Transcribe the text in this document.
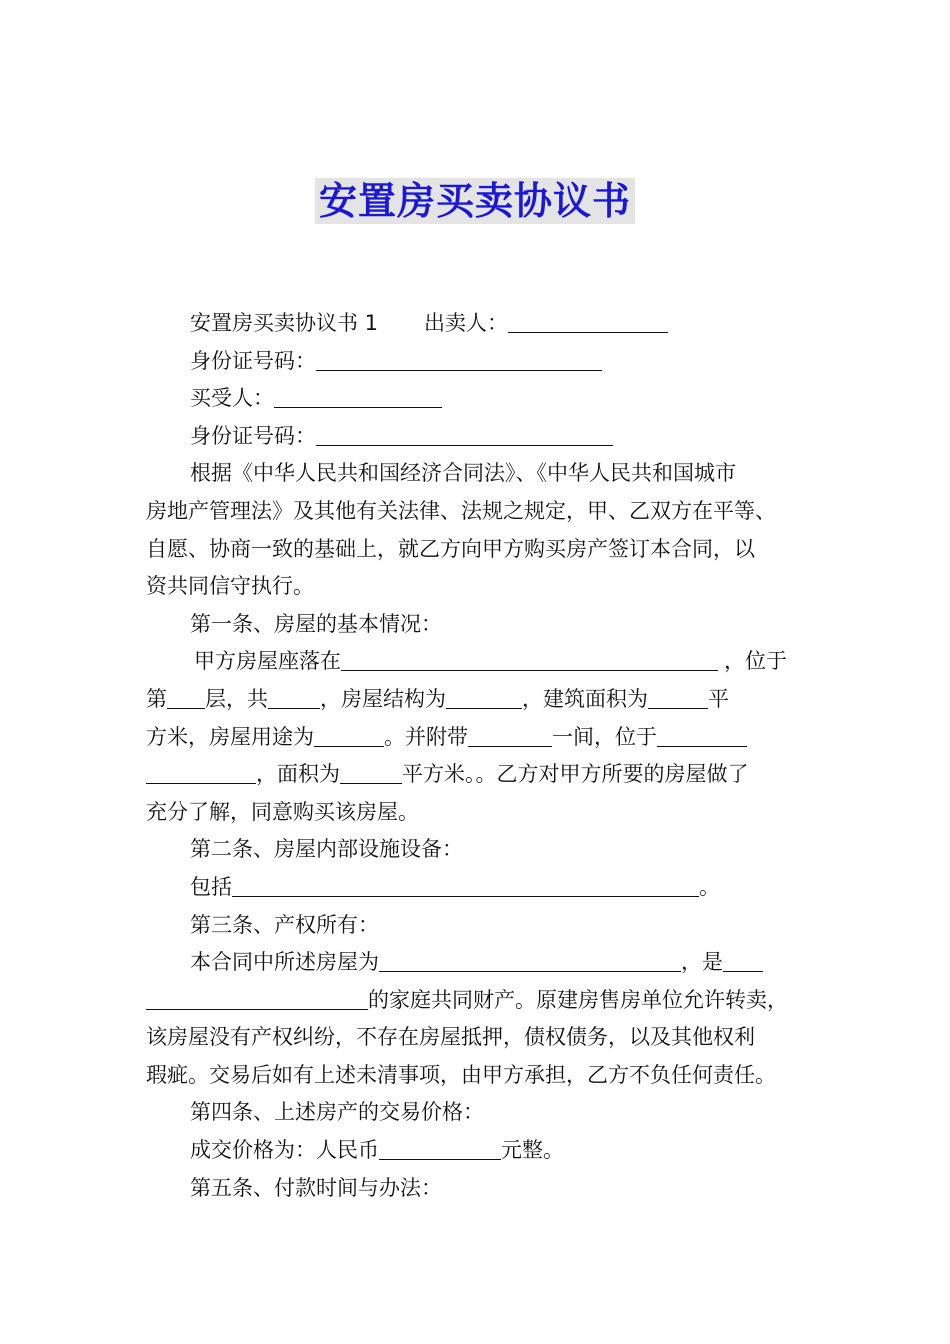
安置房买卖协议书
安置房买卖协议书 1 出卖人：
身份证号码：
买受人：
身份证号码：
根据《中华人民共和国经济合同法》、《中华人民共和国城市
房地产管理法》及其他有关法律、法规之规定，甲、乙双方在平等、
自愿、协商一致的基础上，就乙方向甲方购买房产签订本合同，以
资共同信守执行。
第一条、房屋的基本情况：
甲方房屋座落在	，位于
第 层，共 ，房屋结构为	，建筑面积为	平
方米，房屋用途为	。并附带	一间，位于
，面积为	平方米。。乙方对甲方所要的房屋做了
充分了解，同意购买该房屋。
第二条、房屋内部设施设备：
包括	。
第三条、产权所有：
本合同中所述房屋为	，是
的家庭共同财产。原建房售房单位允许转卖，
该房屋没有产权纠纷，不存在房屋抵押，债权债务，以及其他权利
瑕疵。交易后如有上述未清事项，由甲方承担，乙方不负任何责任。
第四条、上述房产的交易价格：
成交价格为：人民币	元整。
第五条、付款时间与办法：
